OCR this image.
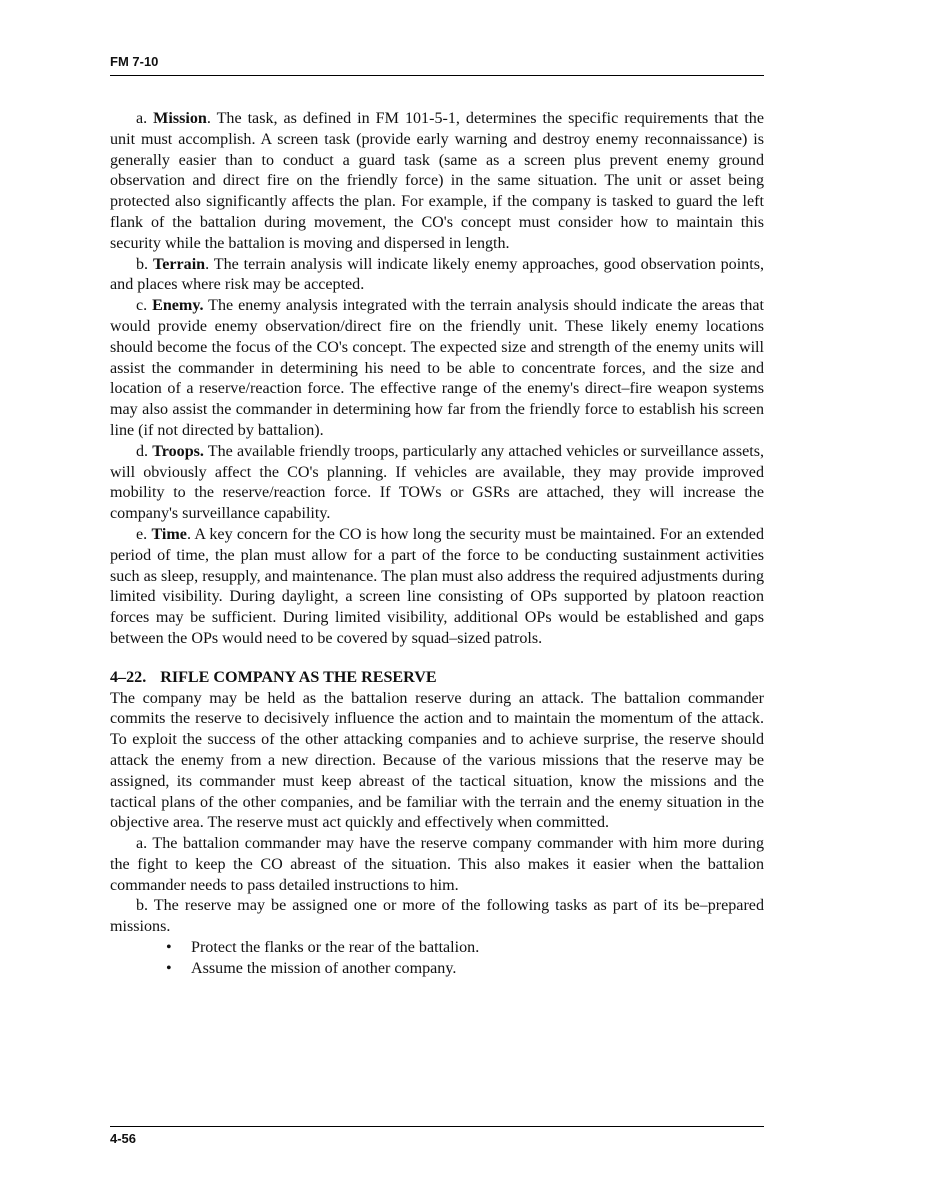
FM 7-10

a. Mission. The task, as defined in FM 101-5-1, determines the specific requirements that the unit must accomplish. A screen task (provide early warning and destroy enemy reconnaissance) is generally easier than to conduct a guard task (same as a screen plus prevent enemy ground observation and direct fire on the friendly force) in the same situation. The unit or asset being protected also significantly affects the plan. For example, if the company is tasked to guard the left flank of the battalion during movement, the CO's concept must consider how to maintain this security while the battalion is moving and dispersed in length.

b. Terrain. The terrain analysis will indicate likely enemy approaches, good observation points, and places where risk may be accepted.

c. Enemy. The enemy analysis integrated with the terrain analysis should indicate the areas that would provide enemy observation/direct fire on the friendly unit. These likely enemy locations should become the focus of the CO's concept. The expected size and strength of the enemy units will assist the commander in determining his need to be able to concentrate forces, and the size and location of a reserve/reaction force. The effective range of the enemy's direct–fire weapon systems may also assist the commander in determining how far from the friendly force to establish his screen line (if not directed by battalion).

d. Troops. The available friendly troops, particularly any attached vehicles or surveillance assets, will obviously affect the CO's planning. If vehicles are available, they may provide improved mobility to the reserve/reaction force. If TOWs or GSRs are attached, they will increase the company's surveillance capability.

e. Time. A key concern for the CO is how long the security must be maintained. For an extended period of time, the plan must allow for a part of the force to be conducting sustainment activities such as sleep, resupply, and maintenance. The plan must also address the required adjustments during limited visibility. During daylight, a screen line consisting of OPs supported by platoon reaction forces may be sufficient. During limited visibility, additional OPs would be established and gaps between the OPs would need to be covered by squad–sized patrols.

4–22. RIFLE COMPANY AS THE RESERVE

The company may be held as the battalion reserve during an attack. The battalion commander commits the reserve to decisively influence the action and to maintain the momentum of the attack. To exploit the success of the other attacking companies and to achieve surprise, the reserve should attack the enemy from a new direction. Because of the various missions that the reserve may be assigned, its commander must keep abreast of the tactical situation, know the missions and the tactical plans of the other companies, and be familiar with the terrain and the enemy situation in the objective area. The reserve must act quickly and effectively when committed.

a. The battalion commander may have the reserve company commander with him more during the fight to keep the CO abreast of the situation. This also makes it easier when the battalion commander needs to pass detailed instructions to him.

b. The reserve may be assigned one or more of the following tasks as part of its be–prepared missions.

• Protect the flanks or the rear of the battalion.
• Assume the mission of another company.
4-56
